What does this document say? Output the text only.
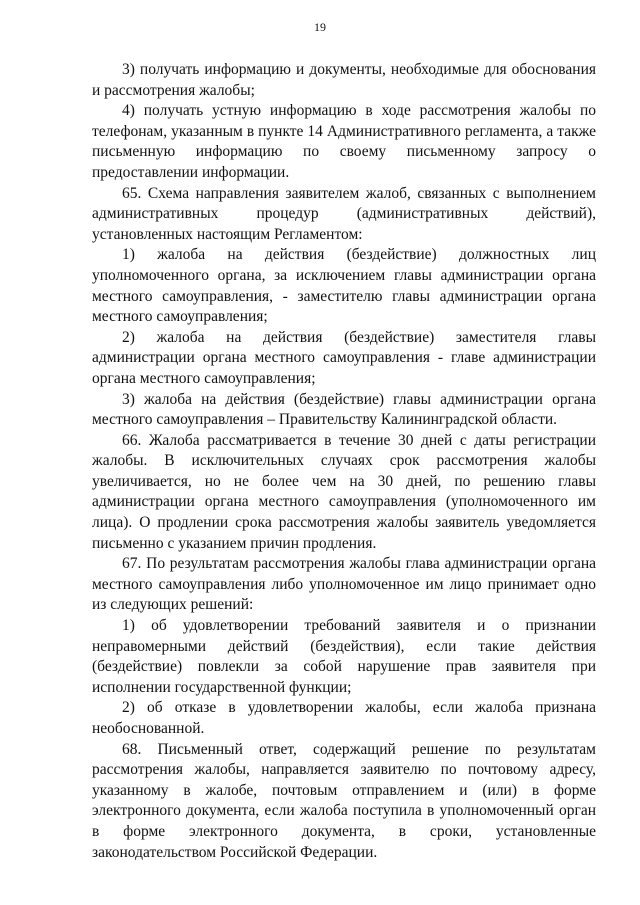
19

3) получать информацию и документы, необходимые для обоснования и рассмотрения жалобы;

4) получать устную информацию в ходе рассмотрения жалобы по телефонам, указанным в пункте 14 Административного регламента, а также письменную информацию по своему письменному запросу о предоставлении информации.

65. Схема направления заявителем жалоб, связанных с выполнением административных процедур (административных действий), установленных настоящим Регламентом:

1) жалоба на действия (бездействие) должностных лиц уполномоченного органа, за исключением главы администрации органа местного самоуправления, - заместителю главы администрации органа местного самоуправления;

2) жалоба на действия (бездействие) заместителя главы администрации органа местного самоуправления - главе администрации органа местного самоуправления;

3) жалоба на действия (бездействие) главы администрации органа местного самоуправления – Правительству Калининградской области.

66. Жалоба рассматривается в течение 30 дней с даты регистрации жалобы. В исключительных случаях срок рассмотрения жалобы увеличивается, но не более чем на 30 дней, по решению главы администрации органа местного самоуправления (уполномоченного им лица). О продлении срока рассмотрения жалобы заявитель уведомляется письменно с указанием причин продления.

67. По результатам рассмотрения жалобы глава администрации органа местного самоуправления либо уполномоченное им лицо принимает одно из следующих решений:

1) об удовлетворении требований заявителя и о признании неправомерными действий (бездействия), если такие действия (бездействие) повлекли за собой нарушение прав заявителя при исполнении государственной функции;

2) об отказе в удовлетворении жалобы, если жалоба признана необоснованной.

68. Письменный ответ, содержащий решение по результатам рассмотрения жалобы, направляется заявителю по почтовому адресу, указанному в жалобе, почтовым отправлением и (или) в форме электронного документа, если жалоба поступила в уполномоченный орган в форме электронного документа, в сроки, установленные законодательством Российской Федерации.
